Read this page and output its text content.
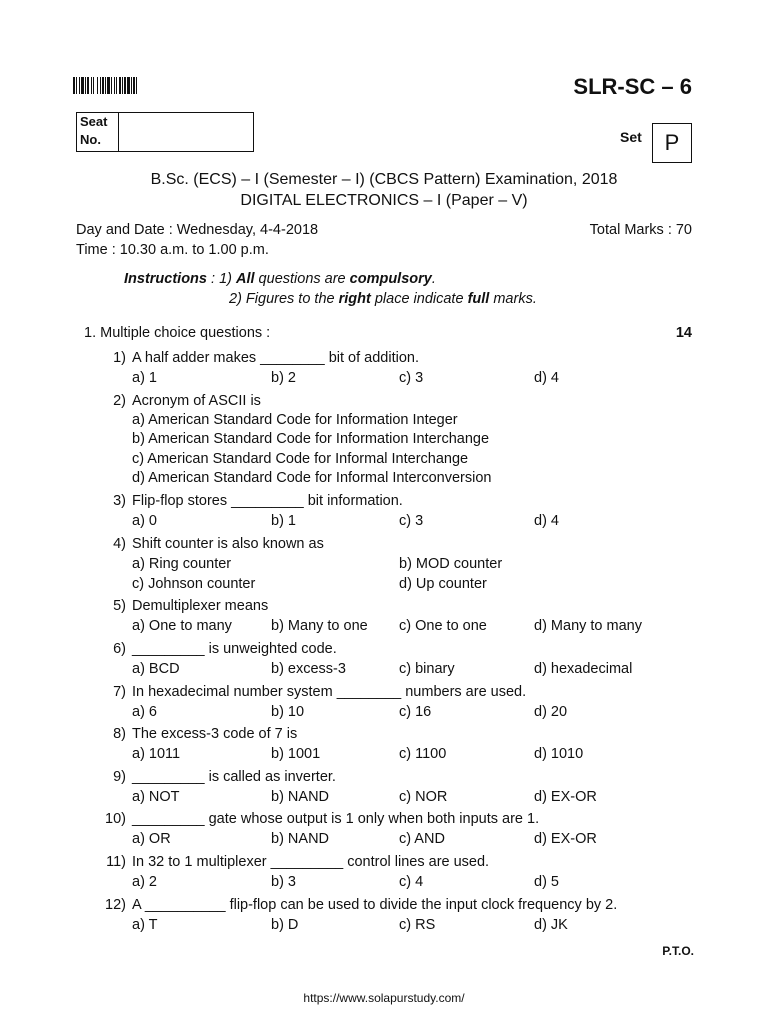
SLR-SC – 6
Seat
No.	Set	P
B.Sc. (ECS) – I (Semester – I) (CBCS Pattern) Examination, 2018
DIGITAL ELECTRONICS – I (Paper – V)
Day and Date : Wednesday, 4-4-2018
Time : 10.30 a.m. to 1.00 p.m.
Total Marks : 70
Instructions : 1) All questions are compulsory.
2) Figures to the right place indicate full marks.
1. Multiple choice questions :	14
1) A half adder makes ________ bit of addition.
a) 1	b) 2	c) 3	d) 4
2) Acronym of ASCII is
a) American Standard Code for Information Integer
b) American Standard Code for Information Interchange
c) American Standard Code for Informal Interchange
d) American Standard Code for Informal Interconversion
3) Flip-flop stores _________ bit information.
a) 0	b) 1	c) 3	d) 4
4) Shift counter is also known as
a) Ring counter	b) MOD counter
c) Johnson counter	d) Up counter
5) Demultiplexer means
a) One to many	b) Many to one c) One to one	d) Many to many
6) _________ is unweighted code.
a) BCD	b) excess-3	c) binary	d) hexadecimal
7) In hexadecimal number system ________ numbers are used.
a) 6	b) 10	c) 16	d) 20
8) The excess-3 code of 7 is
a) 1011	b) 1001	c) 1100	d) 1010
9) _________ is called as inverter.
a) NOT	b) NAND	c) NOR	d) EX-OR
10) _________ gate whose output is 1 only when both inputs are 1.
a) OR	b) NAND	c) AND	d) EX-OR
11) In 32 to 1 multiplexer _________ control lines are used.
a) 2	b) 3	c) 4	d) 5
12) A __________ flip-flop can be used to divide the input clock frequency by 2.
a) T	b) D	c) RS	d) JK
P.T.O.
https://www.solapurstudy.com/
